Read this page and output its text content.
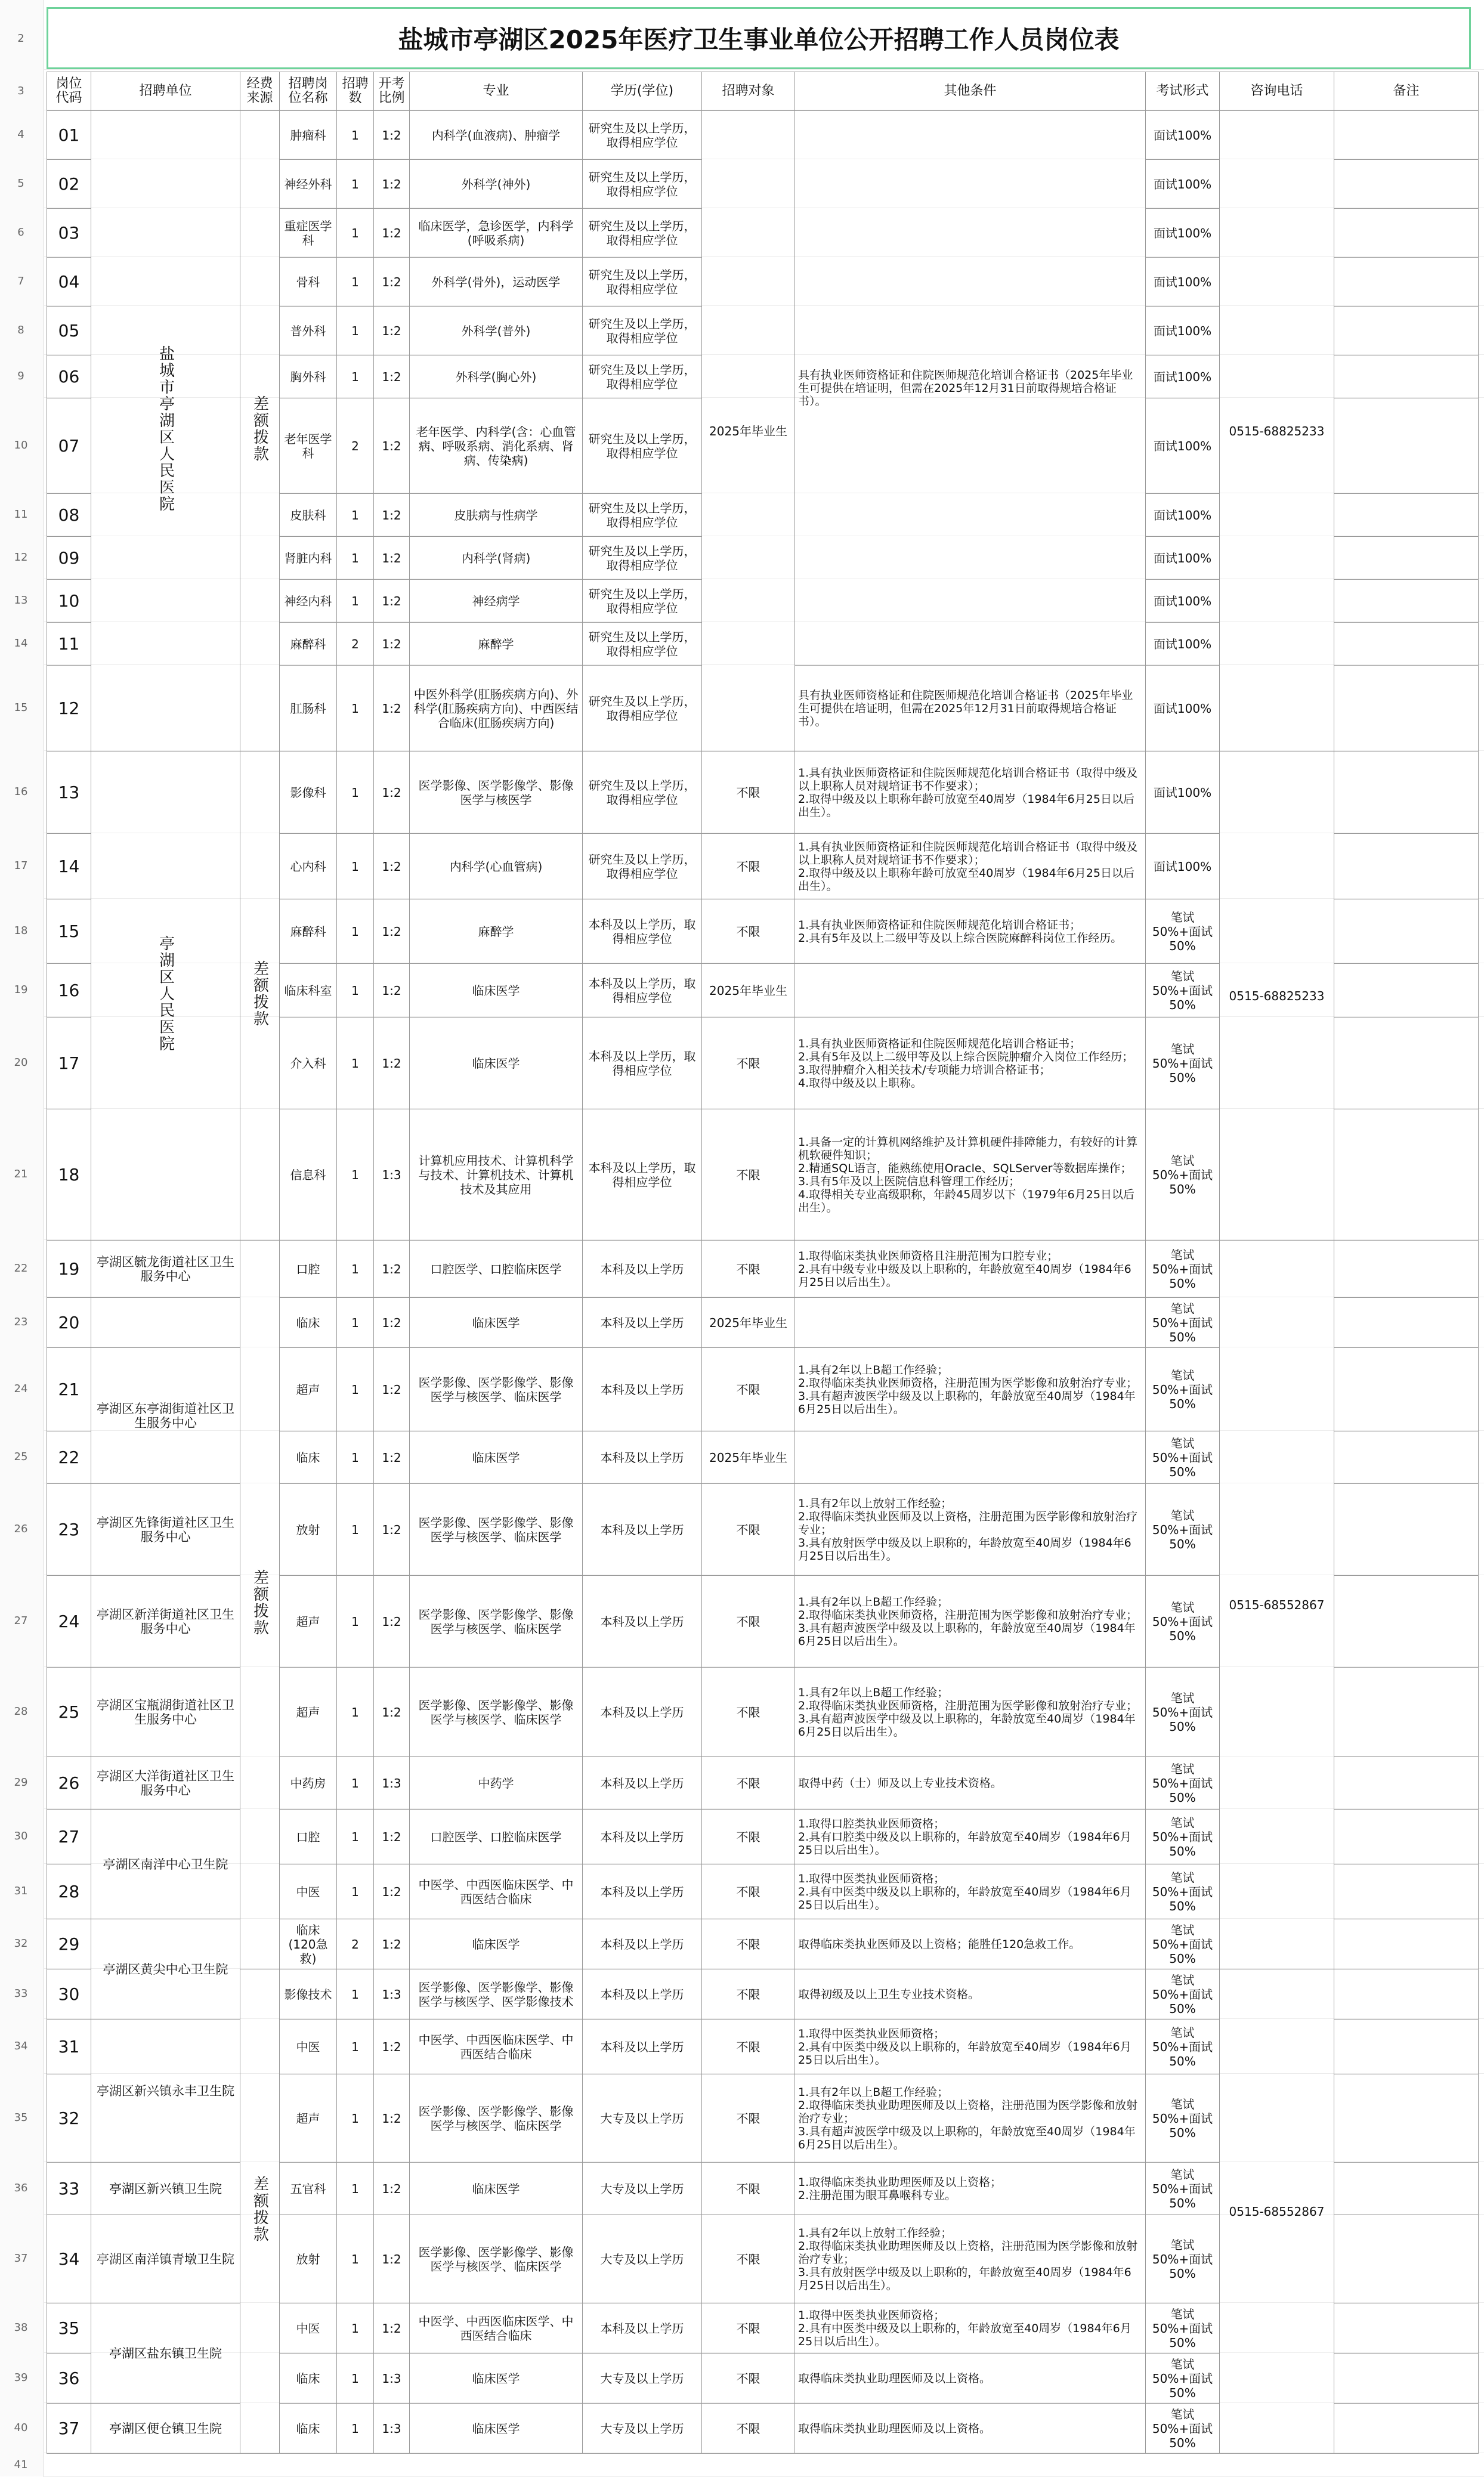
2
3
4
5
6
7
8
9
10
11
12
13
14
15
16
17
18
19
20
21
22
23
24
25
26
27
28
29
30
31
32
33
34
35
36
37
38
39
40
41
盐城市亭湖区2025年医疗卫生事业单位公开招聘工作人员岗位表
岗位代码	招聘单位	经费来源	招聘岗位名称	招聘数	开考比例	专业	学历(学位)	招聘对象	其他条件	考试形式	咨询电话	备注
01	盐城市亭湖区人民医院	差额拨款	肿瘤科	1	1:2	内科学(血液病)、肿瘤学	研究生及以上学历，取得相应学位	2025年毕业生	具有执业医师资格证和住院医师规范化培训合格证书（2025年毕业生可提供在培证明，但需在2025年12月31日前取得规培合格证书）。	面试100%	0515-68825233	
02			神经外科	1	1:2	外科学(神外)	研究生及以上学历，取得相应学位			面试100%		
03			重症医学科	1	1:2	临床医学，急诊医学，内科学(呼吸系病)	研究生及以上学历，取得相应学位			面试100%		
04			骨科	1	1:2	外科学(骨外)，运动医学	研究生及以上学历，取得相应学位			面试100%		
05			普外科	1	1:2	外科学(普外)	研究生及以上学历，取得相应学位			面试100%		
06			胸外科	1	1:2	外科学(胸心外)	研究生及以上学历，取得相应学位			面试100%		
07			老年医学科	2	1:2	老年医学、内科学(含：心血管病、呼吸系病、消化系病、肾病、传染病)	研究生及以上学历，取得相应学位			面试100%		
08			皮肤科	1	1:2	皮肤病与性病学	研究生及以上学历，取得相应学位			面试100%		
09			肾脏内科	1	1:2	内科学(肾病)	研究生及以上学历，取得相应学位			面试100%		
10			神经内科	1	1:2	神经病学	研究生及以上学历，取得相应学位			面试100%		
11			麻醉科	2	1:2	麻醉学	研究生及以上学历，取得相应学位			面试100%		
12			肛肠科	1	1:2	中医外科学(肛肠疾病方向)、外科学(肛肠疾病方向)、中西医结合临床(肛肠疾病方向)	研究生及以上学历，取得相应学位		具有执业医师资格证和住院医师规范化培训合格证书（2025年毕业生可提供在培证明，但需在2025年12月31日前取得规培合格证书）。	面试100%		
13	亭湖区人民医院	差额拨款	影像科	1	1:2	医学影像、医学影像学、影像医学与核医学	研究生及以上学历，取得相应学位	不限	1.具有执业医师资格证和住院医师规范化培训合格证书（取得中级及以上职称人员对规培证书不作要求）；
2.取得中级及以上职称年龄可放宽至40周岁（1984年6月25日以后出生）。	面试100%	0515-68825233	
14			心内科	1	1:2	内科学(心血管病)	研究生及以上学历，取得相应学位	不限	1.具有执业医师资格证和住院医师规范化培训合格证书（取得中级及以上职称人员对规培证书不作要求）；
2.取得中级及以上职称年龄可放宽至40周岁（1984年6月25日以后出生）。	面试100%		
15			麻醉科	1	1:2	麻醉学	本科及以上学历，取得相应学位	不限	1.具有执业医师资格证和住院医师规范化培训合格证书；
2.具有5年及以上二级甲等及以上综合医院麻醉科岗位工作经历。	笔试50%+面试50%		
16			临床科室	1	1:2	临床医学	本科及以上学历，取得相应学位	2025年毕业生		笔试50%+面试50%		
17			介入科	1	1:2	临床医学	本科及以上学历，取得相应学位	不限	1.具有执业医师资格证和住院医师规范化培训合格证书；
2.具有5年及以上二级甲等及以上综合医院肿瘤介入岗位工作经历；
3.取得肿瘤介入相关技术/专项能力培训合格证书；
4.取得中级及以上职称。	笔试50%+面试50%		
18			信息科	1	1:3	计算机应用技术、计算机科学与技术、计算机技术、计算机技术及其应用	本科及以上学历，取得相应学位	不限	1.具备一定的计算机网络维护及计算机硬件排障能力，有较好的计算机软硬件知识；
2.精通SQL语言，能熟练使用Oracle、SQLServer等数据库操作；
3.具有5年及以上医院信息科管理工作经历；
4.取得相关专业高级职称，年龄45周岁以下（1979年6月25日以后出生）。	笔试50%+面试50%		
19	亭湖区毓龙街道社区卫生服务中心	差额拨款	口腔	1	1:2	口腔医学、口腔临床医学	本科及以上学历	不限	1.取得临床类执业医师资格且注册范围为口腔专业；
2.具有中级专业中级及以上职称的，年龄放宽至40周岁（1984年6月25日以后出生）。	笔试50%+面试50%	0515-68552867	
20			临床	1	1:2	临床医学	本科及以上学历	2025年毕业生		笔试50%+面试50%		
21	亭湖区东亭湖街道社区卫生服务中心		超声	1	1:2	医学影像、医学影像学、影像医学与核医学、临床医学	本科及以上学历	不限	1.具有2年以上B超工作经验；
2.取得临床类执业医师资格，注册范围为医学影像和放射治疗专业；
3.具有超声波医学中级及以上职称的，年龄放宽至40周岁（1984年6月25日以后出生）。	笔试50%+面试50%		
22			临床	1	1:2	临床医学	本科及以上学历	2025年毕业生		笔试50%+面试50%		
23	亭湖区先锋街道社区卫生服务中心		放射	1	1:2	医学影像、医学影像学、影像医学与核医学、临床医学	本科及以上学历	不限	1.具有2年以上放射工作经验；
2.取得临床类执业医师及以上资格，注册范围为医学影像和放射治疗专业；
3.具有放射医学中级及以上职称的，年龄放宽至40周岁（1984年6月25日以后出生）。	笔试50%+面试50%		
24	亭湖区新洋街道社区卫生服务中心		超声	1	1:2	医学影像、医学影像学、影像医学与核医学、临床医学	本科及以上学历	不限	1.具有2年以上B超工作经验；
2.取得临床类执业医师资格，注册范围为医学影像和放射治疗专业；
3.具有超声波医学中级及以上职称的，年龄放宽至40周岁（1984年6月25日以后出生）。	笔试50%+面试50%		
25	亭湖区宝瓶湖街道社区卫生服务中心		超声	1	1:2	医学影像、医学影像学、影像医学与核医学、临床医学	本科及以上学历	不限	1.具有2年以上B超工作经验；
2.取得临床类执业医师资格，注册范围为医学影像和放射治疗专业；
3.具有超声波医学中级及以上职称的，年龄放宽至40周岁（1984年6月25日以后出生）。	笔试50%+面试50%		
26	亭湖区大洋街道社区卫生服务中心		中药房	1	1:3	中药学	本科及以上学历	不限	取得中药（士）师及以上专业技术资格。	笔试50%+面试50%		
27	亭湖区南洋中心卫生院		口腔	1	1:2	口腔医学、口腔临床医学	本科及以上学历	不限	1.取得口腔类执业医师资格；
2.具有口腔类中级及以上职称的，年龄放宽至40周岁（1984年6月25日以后出生）。	笔试50%+面试50%		
28			中医	1	1:2	中医学、中西医临床医学、中西医结合临床	本科及以上学历	不限	1.取得中医类执业医师资格；
2.具有中医类中级及以上职称的，年龄放宽至40周岁（1984年6月25日以后出生）。	笔试50%+面试50%		
29	亭湖区黄尖中心卫生院		临床(120急救)	2	1:2	临床医学	本科及以上学历	不限	取得临床类执业医师及以上资格；能胜任120急救工作。	笔试50%+面试50%		
30		差额拨款	影像技术	1	1:3	医学影像、医学影像学、影像医学与核医学、医学影像技术	本科及以上学历	不限	取得初级及以上卫生专业技术资格。	笔试50%+面试50%	0515-68552867	
31	亭湖区新兴镇永丰卫生院		中医	1	1:2	中医学、中西医临床医学、中西医结合临床	本科及以上学历	不限	1.取得中医类执业医师资格；
2.具有中医类中级及以上职称的，年龄放宽至40周岁（1984年6月25日以后出生）。	笔试50%+面试50%		
32			超声	1	1:2	医学影像、医学影像学、影像医学与核医学、临床医学	大专及以上学历	不限	1.具有2年以上B超工作经验；
2.取得临床类执业助理医师及以上资格，注册范围为医学影像和放射治疗专业；
3.具有超声波医学中级及以上职称的，年龄放宽至40周岁（1984年6月25日以后出生）。	笔试50%+面试50%		
33	亭湖区新兴镇卫生院		五官科	1	1:2	临床医学	大专及以上学历	不限	1.取得临床类执业助理医师及以上资格；
2.注册范围为眼耳鼻喉科专业。	笔试50%+面试50%		
34	亭湖区南洋镇青墩卫生院		放射	1	1:2	医学影像、医学影像学、影像医学与核医学、临床医学	大专及以上学历	不限	1.具有2年以上放射工作经验；
2.取得临床类执业助理医师及以上资格，注册范围为医学影像和放射治疗专业；
3.具有放射医学中级及以上职称的，年龄放宽至40周岁（1984年6月25日以后出生）。	笔试50%+面试50%		
35	亭湖区盐东镇卫生院		中医	1	1:2	中医学、中西医临床医学、中西医结合临床	本科及以上学历	不限	1.取得中医类执业医师资格；
2.具有中医类中级及以上职称的，年龄放宽至40周岁（1984年6月25日以后出生）。	笔试50%+面试50%		
36			临床	1	1:3	临床医学	大专及以上学历	不限	取得临床类执业助理医师及以上资格。	笔试50%+面试50%		
37	亭湖区便仓镇卫生院		临床	1	1:3	临床医学	大专及以上学历	不限	取得临床类执业助理医师及以上资格。	笔试50%+面试50%		
